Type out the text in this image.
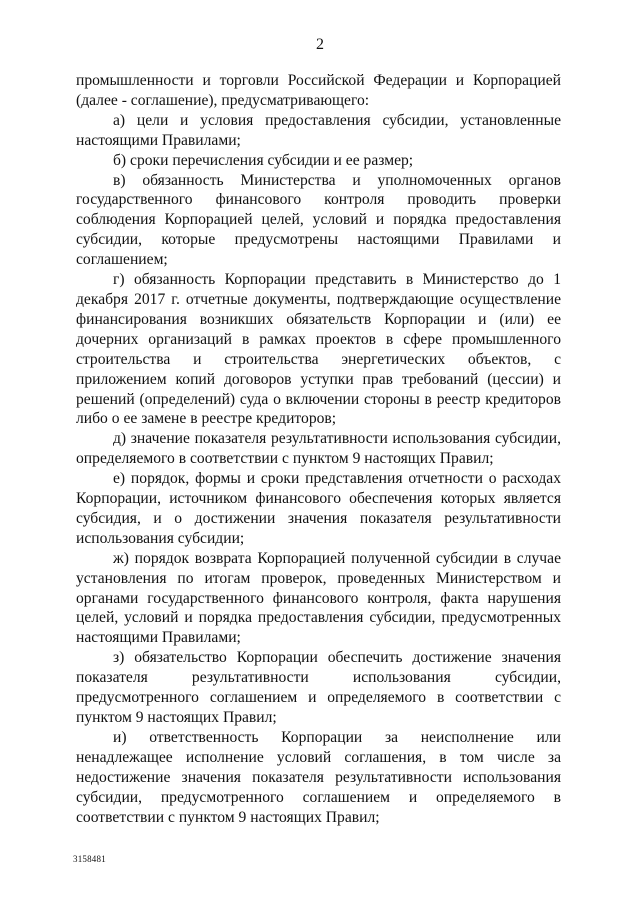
2

промышленности и торговли Российской Федерации и Корпорацией (далее - соглашение), предусматривающего:

а) цели и условия предоставления субсидии, установленные настоящими Правилами;

б) сроки перечисления субсидии и ее размер;

в) обязанность Министерства и уполномоченных органов государственного финансового контроля проводить проверки соблюдения Корпорацией целей, условий и порядка предоставления субсидии, которые предусмотрены настоящими Правилами и соглашением;

г) обязанность Корпорации представить в Министерство до 1 декабря 2017 г. отчетные документы, подтверждающие осуществление финансирования возникших обязательств Корпорации и (или) ее дочерних организаций в рамках проектов в сфере промышленного строительства и строительства энергетических объектов, с приложением копий договоров уступки прав требований (цессии) и решений (определений) суда о включении стороны в реестр кредиторов либо о ее замене в реестре кредиторов;

д) значение показателя результативности использования субсидии, определяемого в соответствии с пунктом 9 настоящих Правил;

е) порядок, формы и сроки представления отчетности о расходах Корпорации, источником финансового обеспечения которых является субсидия, и о достижении значения показателя результативности использования субсидии;

ж) порядок возврата Корпорацией полученной субсидии в случае установления по итогам проверок, проведенных Министерством и органами государственного финансового контроля, факта нарушения целей, условий и порядка предоставления субсидии, предусмотренных настоящими Правилами;

з) обязательство Корпорации обеспечить достижение значения показателя результативности использования субсидии, предусмотренного соглашением и определяемого в соответствии с пунктом 9 настоящих Правил;

и) ответственность Корпорации за неисполнение или ненадлежащее исполнение условий соглашения, в том числе за недостижение значения показателя результативности использования субсидии, предусмотренного соглашением и определяемого в соответствии с пунктом 9 настоящих Правил;

3158481
